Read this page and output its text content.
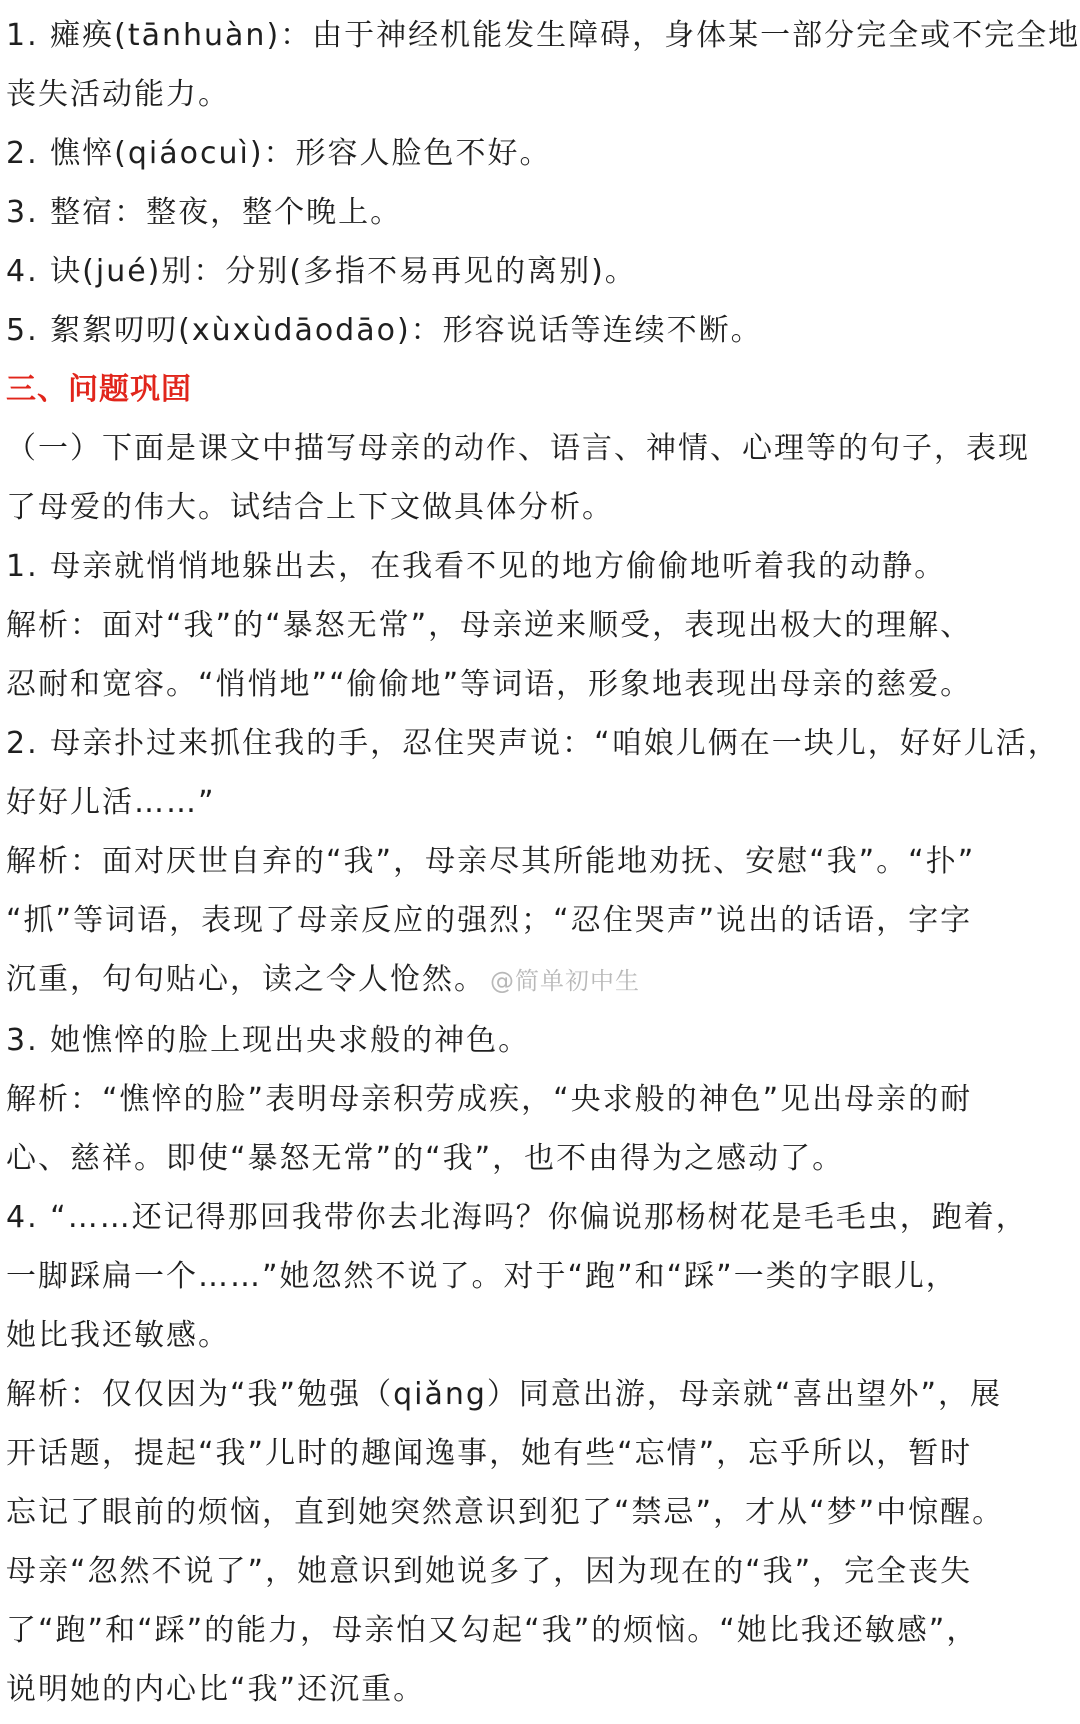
1. 瘫痪(tānhuàn)：由于神经机能发生障碍，身体某一部分完全或不完全地

丧失活动能力。

2. 憔悴(qiáocuì)：形容人脸色不好。

3. 整宿：整夜，整个晚上。

4. 诀(jué)别：分别(多指不易再见的离别)。

5. 絮絮叨叨(xùxùdāodāo)：形容说话等连续不断。

三、问题巩固

（一）下面是课文中描写母亲的动作、语言、神情、心理等的句子，表现

了母爱的伟大。试结合上下文做具体分析。

1. 母亲就悄悄地躲出去，在我看不见的地方偷偷地听着我的动静。

解析：面对“我”的“暴怒无常”，母亲逆来顺受，表现出极大的理解、

忍耐和宽容。“悄悄地”“偷偷地”等词语，形象地表现出母亲的慈爱。

2. 母亲扑过来抓住我的手，忍住哭声说：“咱娘儿俩在一块儿，好好儿活，

好好儿活……”

解析：面对厌世自弃的“我”，母亲尽其所能地劝抚、安慰“我”。“扑”

“抓”等词语，表现了母亲反应的强烈；“忍住哭声”说出的话语，字字

沉重，句句贴心，读之令人怆然。 @简单初中生

3. 她憔悴的脸上现出央求般的神色。

解析：“憔悴的脸”表明母亲积劳成疾，“央求般的神色”见出母亲的耐

心、慈祥。即使“暴怒无常”的“我”，也不由得为之感动了。

4. “……还记得那回我带你去北海吗？你偏说那杨树花是毛毛虫，跑着，

一脚踩扁一个……”她忽然不说了。对于“跑”和“踩”一类的字眼儿，

她比我还敏感。

解析：仅仅因为“我”勉强（qiǎng）同意出游，母亲就“喜出望外”，展

开话题，提起“我”儿时的趣闻逸事，她有些“忘情”，忘乎所以，暂时

忘记了眼前的烦恼，直到她突然意识到犯了“禁忌”，才从“梦”中惊醒。

母亲“忽然不说了”，她意识到她说多了，因为现在的“我”，完全丧失

了“跑”和“踩”的能力，母亲怕又勾起“我”的烦恼。“她比我还敏感”，

说明她的内心比“我”还沉重。
